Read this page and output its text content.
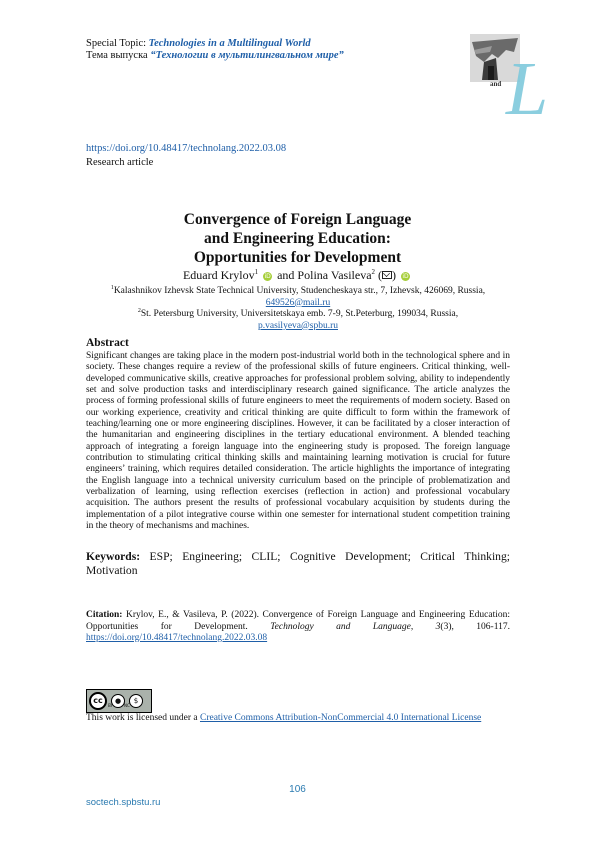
Special Topic: Technologies in a Multilingual World
Тема выпуска “Технологии в мультилингвальном мире”
and L
https://doi.org/10.48417/technolang.2022.03.08
Research article
Convergence of Foreign Language
and Engineering Education:
Opportunities for Development
Eduard Krylov$^1$ iD and Polina Vasileva$^2$ ( ) iD
$^1$Kalashnikov Izhevsk State Technical University, Studencheskaya str., 7, Izhevsk, 426069, Russia,
649526@mail.ru
$^2$St. Petersburg University, Universitetskaya emb. 7-9, St.Peterburg, 199034, Russia,
p.vasilyeva@spbu.ru
Abstract
Significant changes are taking place in the modern post-industrial world both in the technological sphere and in society. These changes require a review of the professional skills of future engineers. Critical thinking, well-developed communicative skills, creative approaches for professional problem solving, ability to independently set and solve production tasks and interdisciplinary research gained significance. The article analyzes the process of forming professional skills of future engineers to meet the requirements of modern society. Based on our working experience, creativity and critical thinking are quite difficult to form within the framework of teaching/learning one or more engineering disciplines. However, it can be facilitated by a closer interaction of the humanitarian and engineering disciplines in the tertiary educational environment. A blended teaching approach of integrating a foreign language into the engineering study is proposed. The foreign language contribution to stimulating critical thinking skills and maintaining learning motivation is crucial for future engineers’ training, which requires detailed consideration. The article highlights the importance of integrating the English language into a technical university curriculum based on the principle of problematization and verbalization of learning, using reflection exercises (reflection in action) and professional vocabulary acquisition. The authors present the results of professional vocabulary acquisition by students during the implementation of a pilot integrative course within one semester for international student competition training in the theory of mechanisms and machines.
Keywords: ESP; Engineering; CLIL; Cognitive Development; Critical Thinking; Motivation
Citation: Krylov, E., & Vasileva, P. (2022). Convergence of Foreign Language and Engineering Education: Opportunities for Development. Technology and Language, 3(3), 106-117. https://doi.org/10.48417/technolang.2022.03.08
cc	●	$
BY	NC
This work is licensed under a Creative Commons Attribution-NonCommercial 4.0 International License
106
soctech.spbstu.ru
